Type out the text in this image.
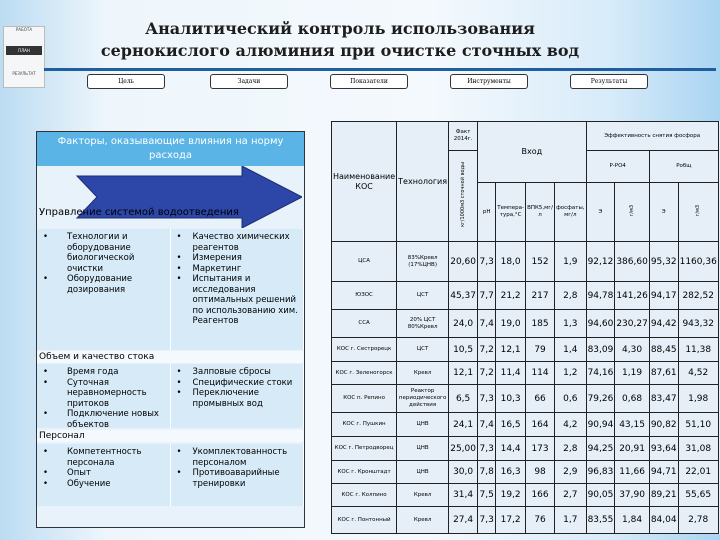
РАБОТА
ПЛАН
РЕЗУЛЬТАТ
Аналитический контроль использования сернокислого алюминия при очистке сточных вод
Цель	Задачи	Показатели	Инструменты	Результаты
Факторы, оказывающие влияния на норму расхода
Управление системой водоотведения
• Технологии и оборудование биологической очистки
• Оборудование дозирования
• Качество химических реагентов
• Измерения
• Маркетинг
• Испытания и исследования оптимальных решений по использованию хим. Реагентов
Объем и качество стока
• Время года
• Суточная неравномерность притоков
• Подключение новых объектов
• Залповые сбросы
• Специфические стоки
• Переключение промывных вод
Персонал
• Компетентность персонала
• Опыт
• Обучение
• Укомплектованность персоналом
• Противоаварийные тренировки
Наименование КОС	Технология	Факт 2014г.	Вход				Эффективность снятия фосфора			
		кг/1000м3 сточной воды					Р-РО4		Робщ	
			рН	Темпера-тура,°С	ВПК5,мг/л	фосфаты, мг/л	Э	г/м3	Э	г/м3
ЦСА	83%Кревл (17%ЦНВ)	20,60	7,3	18,0	152	1,9	92,12	386,60	95,32	1160,36
ЮЗОС	ЦСТ	45,37	7,7	21,2	217	2,8	94,78	141,26	94,17	282,52
ССА	20% ЦСТ 80%Кревл	24,0	7,4	19,0	185	1,3	94,60	230,27	94,42	943,32
КОС г. Сестрорецк	ЦСТ	10,5	7,2	12,1	79	1,4	83,09	4,30	88,45	11,38
КОС г. Зеленогорск	Кревл	12,1	7,2	11,4	114	1,2	74,16	1,19	87,61	4,52
КОС п. Репино	Реактор периодического действия	6,5	7,3	10,3	66	0,6	79,26	0,68	83,47	1,98
КОС г. Пушкин	ЦНВ	24,1	7,4	16,5	164	4,2	90,94	43,15	90,82	51,10
КОС г. Петродворец	ЦНВ	25,00	7,3	14,4	173	2,8	94,25	20,91	93,64	31,08
КОС г. Кронштадт	ЦНВ	30,0	7,8	16,3	98	2,9	96,83	11,66	94,71	22,01
КОС г. Колпино	Кревл	31,4	7,5	19,2	166	2,7	90,05	37,90	89,21	55,65
КОС г. Понтонный	Кревл	27,4	7,3	17,2	76	1,7	83,55	1,84	84,04	2,78
